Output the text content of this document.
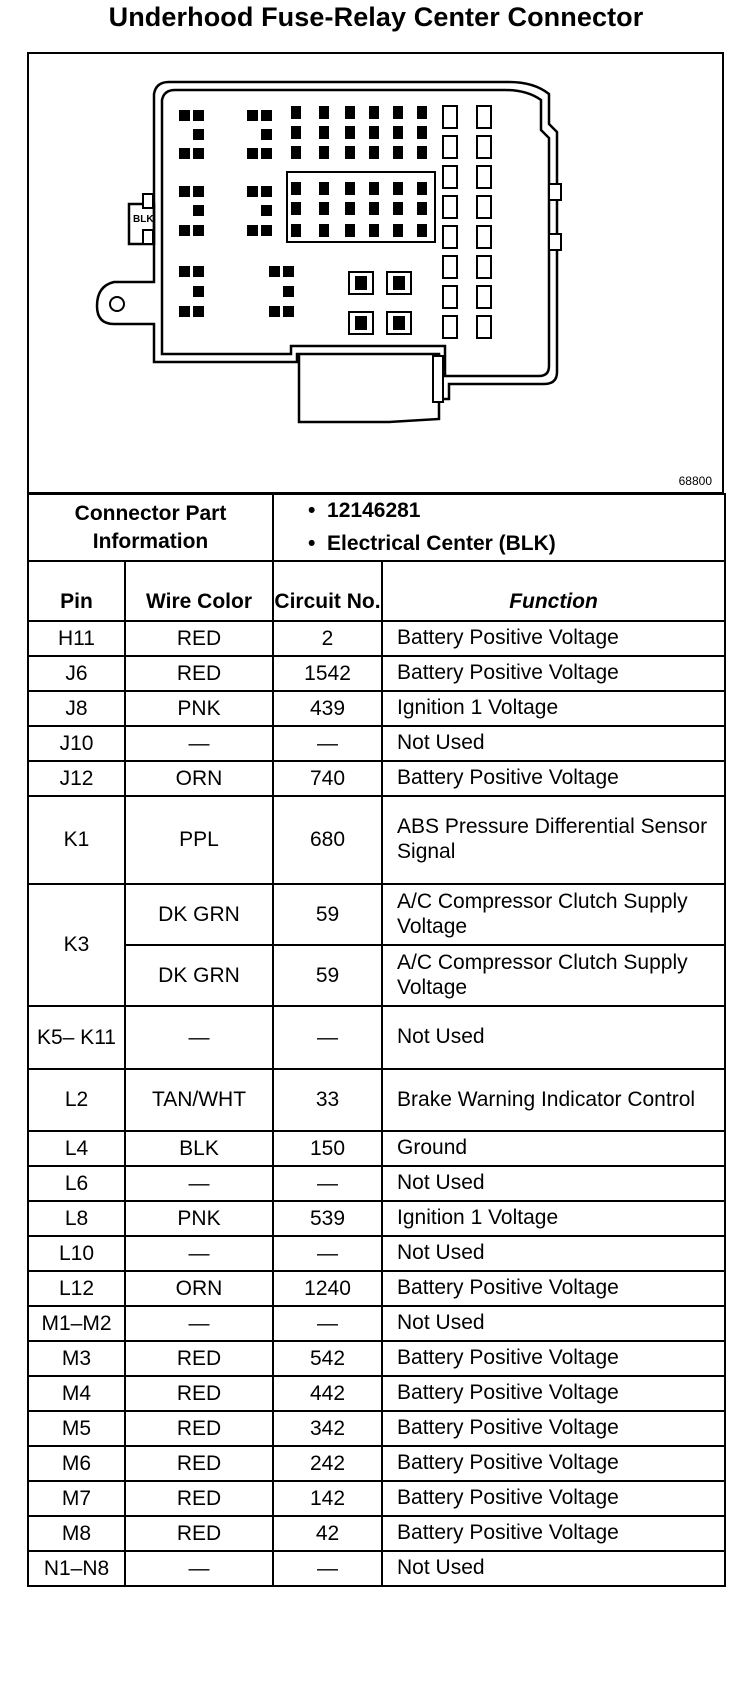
Underhood Fuse-Relay Center Connector
BLK
68800
Connector Part Information		•  12146281
•  Electrical Center (BLK)

Pin	Wire Color	Circuit No.	Function
H11	RED	2	Battery Positive Voltage
J6	RED	1542	Battery Positive Voltage
J8	PNK	439	Ignition 1 Voltage
J10	—	—	Not Used
J12	ORN	740	Battery Positive Voltage
K1	PPL	680	ABS Pressure Differential Sensor Signal
K3	DK GRN	59	A/C Compressor Clutch Supply Voltage
	DK GRN	59	A/C Compressor Clutch Supply Voltage
K5– K11	—	—	Not Used
L2	TAN/WHT	33	Brake Warning Indicator Control
L4	BLK	150	Ground
L6	—	—	Not Used
L8	PNK	539	Ignition 1 Voltage
L10	—	—	Not Used
L12	ORN	1240	Battery Positive Voltage
M1–M2	—	—	Not Used
M3	RED	542	Battery Positive Voltage
M4	RED	442	Battery Positive Voltage
M5	RED	342	Battery Positive Voltage
M6	RED	242	Battery Positive Voltage
M7	RED	142	Battery Positive Voltage
M8	RED	42	Battery Positive Voltage
N1–N8	—	—	Not Used
